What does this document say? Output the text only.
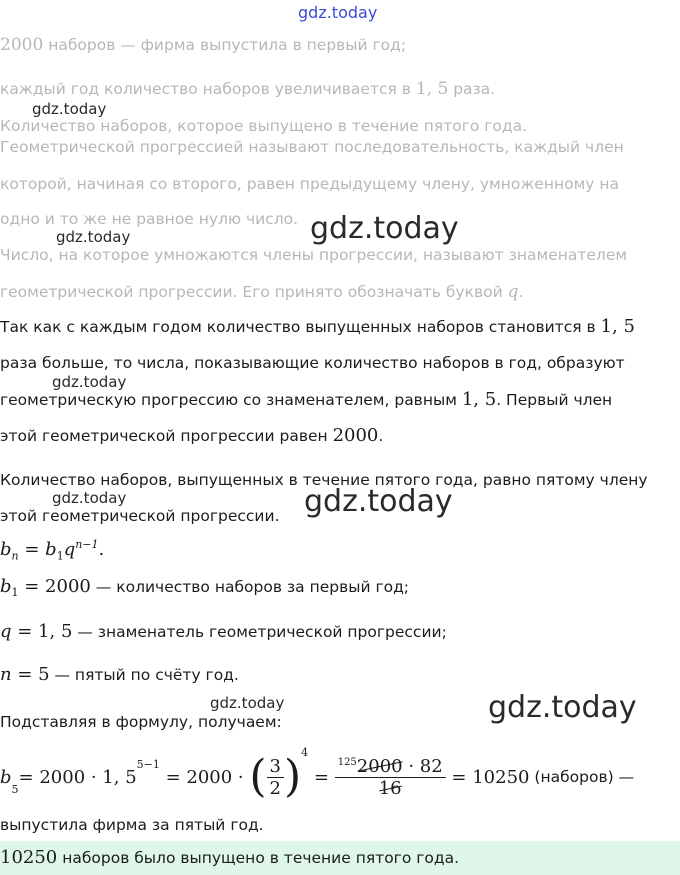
gdz.today
gdz.today
gdz.today
gdz.today
gdz.today
gdz.today	gdz.today
gdz.today	gdz.today
2000 наборов — фирма выпустила в первый год;
каждый год количество наборов увеличивается в 1, 5 раза.
Количество наборов, которое выпущено в течение пятого года.
Геометрической прогрессией называют последовательность, каждый член
которой, начиная со второго, равен предыдущему члену, умноженному на
одно и то же не равное нулю число.
Число, на которое умножаются члены прогрессии, называют знаменателем
геометрической прогрессии. Его принято обозначать буквой q.
Так как с каждым годом количество выпущенных наборов становится в 1, 5
раза больше, то числа, показывающие количество наборов в год, образуют
геометрическую прогрессию со знаменателем, равным 1, 5. Первый член
этой геометрической прогрессии равен 2000.
Количество наборов, выпущенных в течение пятого года, равно пятому члену
этой геометрической прогрессии.
$b_n = b_1q^{n-1}$.
$b_1 = 2000$ — количество наборов за первый год;
q = 1, 5 — знаменатель геометрической прогрессии;
n = 5 — пятый по счёту год.
Подставляя в формулу, получаем:
b
$_5$
= 2000 · 1, 5
$^{5-1}$
= 2000 · ( $\frac{3}{2} )^4$
= $\frac{^{125}2000 \cdot 82}{16} = 10250$ (наборов) —
выпустила фирма за пятый год.
10250 наборов было выпущено в течение пятого года.
